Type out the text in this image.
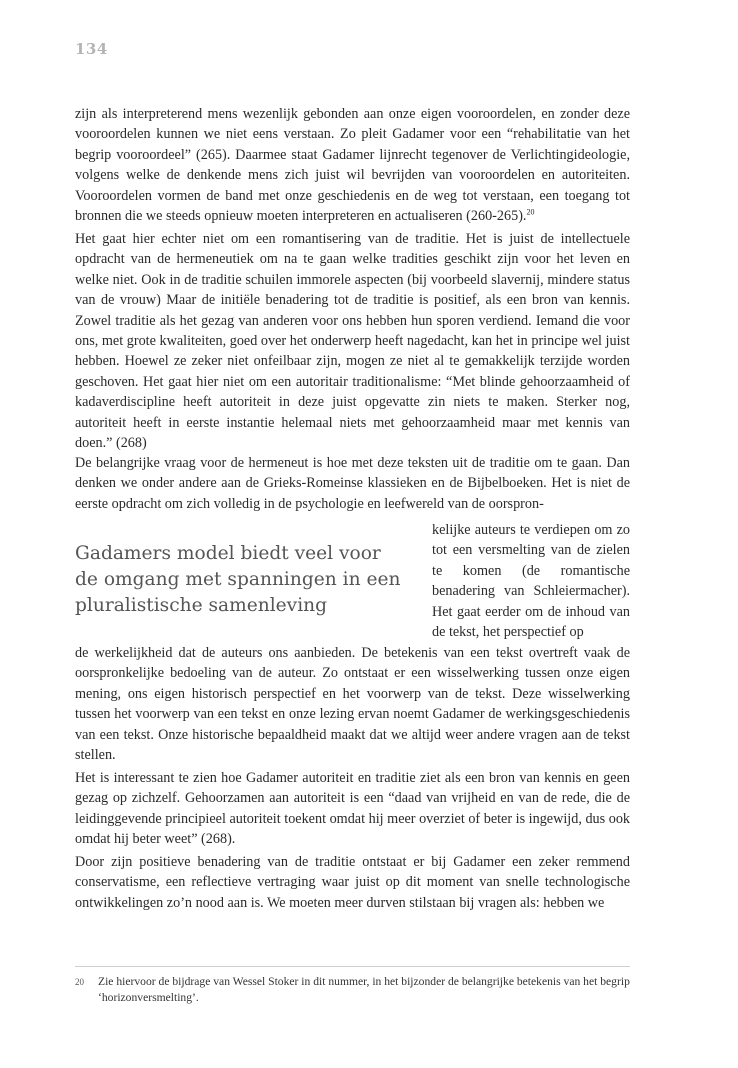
134

zijn als interpreterend mens wezenlijk gebonden aan onze eigen vooroordelen, en zonder deze vooroordelen kunnen we niet eens verstaan. Zo pleit Gadamer voor een “rehabilitatie van het begrip vooroordeel” (265). Daarmee staat Gadamer lijnrecht tegenover de Verlichtingideologie, volgens welke de denkende mens zich juist wil bevrijden van vooroordelen en autoriteiten. Vooroordelen vormen de band met onze geschiedenis en de weg tot verstaan, een toegang tot bronnen die we steeds opnieuw moeten interpreteren en actualiseren (260-265).$^{20}$

Het gaat hier echter niet om een romantisering van de traditie. Het is juist de intellectuele opdracht van de hermeneutiek om na te gaan welke tradities geschikt zijn voor het leven en welke niet. Ook in de traditie schuilen immorele aspecten (bij voorbeeld slavernij, mindere status van de vrouw) Maar de initiële benadering tot de traditie is positief, als een bron van kennis. Zowel traditie als het gezag van anderen voor ons hebben hun sporen verdiend. Iemand die voor ons, met grote kwaliteiten, goed over het onderwerp heeft nagedacht, kan het in principe wel juist hebben. Hoewel ze zeker niet onfeilbaar zijn, mogen ze niet al te gemakkelijk terzijde worden geschoven. Het gaat hier niet om een autoritair traditionalisme: “Met blinde gehoorzaamheid of kadaverdiscipline heeft autoriteit in deze juist opgevatte zin niets te maken. Sterker nog, autoriteit heeft in eerste instantie helemaal niets met gehoorzaamheid maar met kennis van doen.” (268)

De belangrijke vraag voor de hermeneut is hoe met deze teksten uit de traditie om te gaan. Dan denken we onder andere aan de Grieks-Romeinse klassieken en de Bijbelboeken. Het is niet de eerste opdracht om zich volledig in de psychologie en leefwereld van de oorspron-

Gadamers model biedt veel voor de omgang met spanningen in een pluralistische samenleving

kelijke auteurs te verdiepen om zo tot een versmelting van de zielen te komen (de romantische benadering van Schleiermacher). Het gaat eerder om de inhoud van de tekst, het perspectief op

de werkelijkheid dat de auteurs ons aanbieden. De betekenis van een tekst overtreft vaak de oorspronkelijke bedoeling van de auteur. Zo ontstaat er een wisselwerking tussen onze eigen mening, ons eigen historisch perspectief en het voorwerp van de tekst. Deze wisselwerking tussen het voorwerp van een tekst en onze lezing ervan noemt Gadamer de werkingsgeschiedenis van een tekst. Onze historische bepaaldheid maakt dat we altijd weer andere vragen aan de tekst stellen.

Het is interessant te zien hoe Gadamer autoriteit en traditie ziet als een bron van kennis en geen gezag op zichzelf. Gehoorzamen aan autoriteit is een “daad van vrijheid en van de rede, die de leidinggevende principieel autoriteit toekent omdat hij meer overziet of beter is ingewijd, dus ook omdat hij beter weet” (268).

Door zijn positieve benadering van de traditie ontstaat er bij Gadamer een zeker remmend conservatisme, een reflectieve vertraging waar juist op dit moment van snelle technologische ontwikkelingen zo’n nood aan is. We moeten meer durven stilstaan bij vragen als: hebben we

20 Zie hiervoor de bijdrage van Wessel Stoker in dit nummer, in het bijzonder de belangrijke betekenis van het begrip ‘horizonversmelting’.
